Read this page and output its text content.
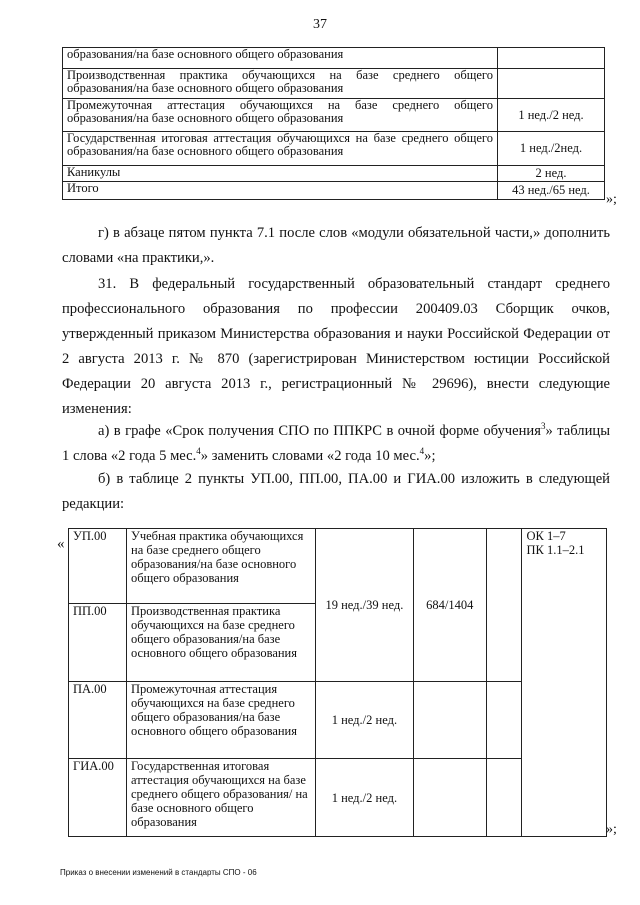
37
образования/на базе основного общего образования	
Производственная практика обучающихся на базе среднего общего образования/на базе основного общего образования	
Промежуточная аттестация обучающихся на базе среднего общего образования/на базе основного общего образования	1 нед./2 нед.
Государственная итоговая аттестация обучающихся на базе среднего общего образования/на базе основного общего образования	1 нед./2нед.
Каникулы	2 нед.
Итого	43 нед./65 нед.
»;
г) в абзаце пятом пункта 7.1 после слов «модули обязательной части,» дополнить словами «на практики,».
31. В федеральный государственный образовательный стандарт среднего профессионального образования по профессии 200409.03 Сборщик очков, утвержденный приказом Министерства образования и науки Российской Федерации от 2 августа 2013 г. № 870 (зарегистрирован Министерством юстиции Российской Федерации 20 августа 2013 г., регистрационный № 29696), внести следующие изменения:
а) в графе «Срок получения СПО по ППКРС в очной форме обучения$^3$» таблицы 1 слова «2 года 5 мес.$^4$» заменить словами «2 года 10 мес.$^4$»;
б) в таблице 2 пункты УП.00, ПП.00, ПА.00 и ГИА.00 изложить в следующей редакции:
« УП.00	Учебная практика обучающихся на базе среднего общего образования/на базе основного общего образования	19 нед./39 нед.	684/1404		ОК 1–7
ПК 1.1–2.1

ПП.00	Производственная практика обучающихся на базе среднего общего образования/на базе основного общего образования				
ПА.00	Промежуточная аттестация обучающихся на базе среднего общего образования/на базе основного общего образования	1 нед./2 нед.			
ГИА.00	Государственная итоговая аттестация обучающихся на базе среднего общего образования/ на базе основного общего образования	1 нед./2 нед.			
»;
Приказ о внесении изменений в стандарты СПО - 06
